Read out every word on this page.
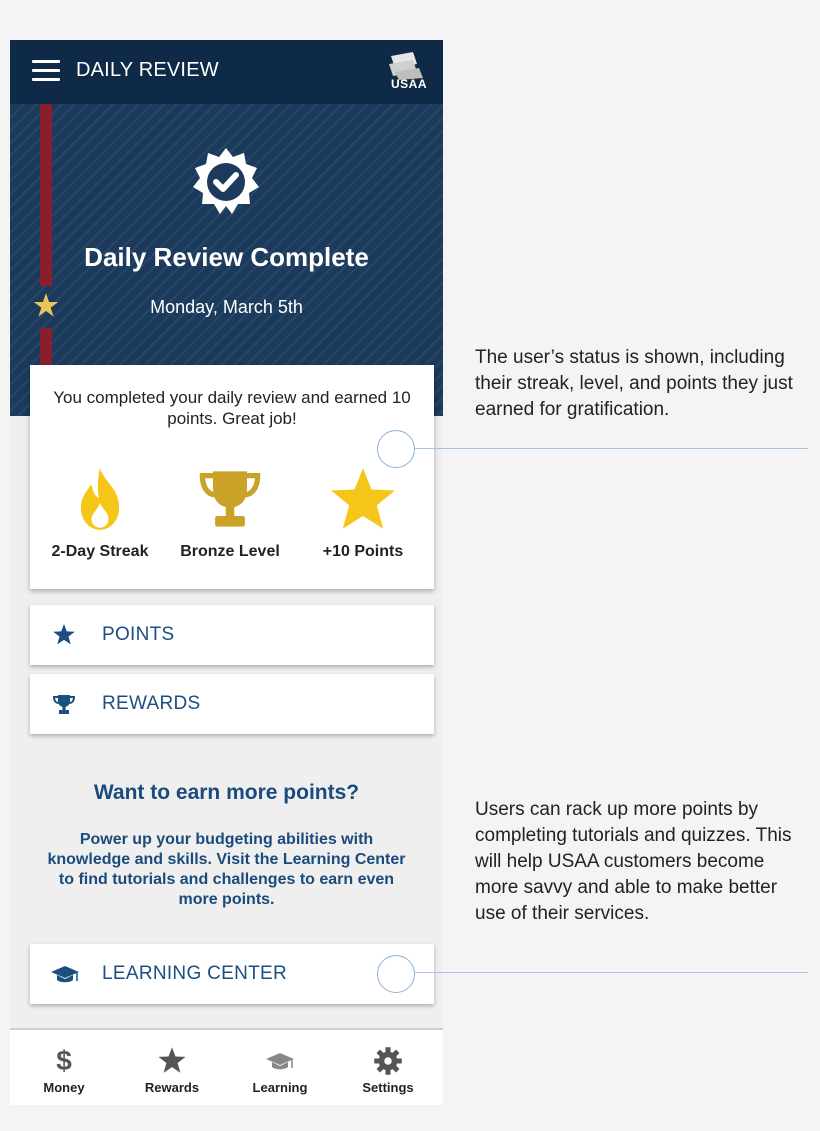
DAILY REVIEW
USAA
Daily Review Complete
Monday, March 5th
You completed your daily review and earned 10 points. Great job!
2-Day Streak	Bronze Level	+10 Points
POINTS
REWARDS
Want to earn more points?
Power up your budgeting abilities with knowledge and skills. Visit the Learning Center to find tutorials and challenges to earn even more points.
LEARNING CENTER
$
Money	Rewards	Learning	Settings
The user’s status is shown, including their streak, level, and points they just earned for gratification.
Users can rack up more points by completing tutorials and quizzes. This will help USAA customers become more savvy and able to make better use of their services.
